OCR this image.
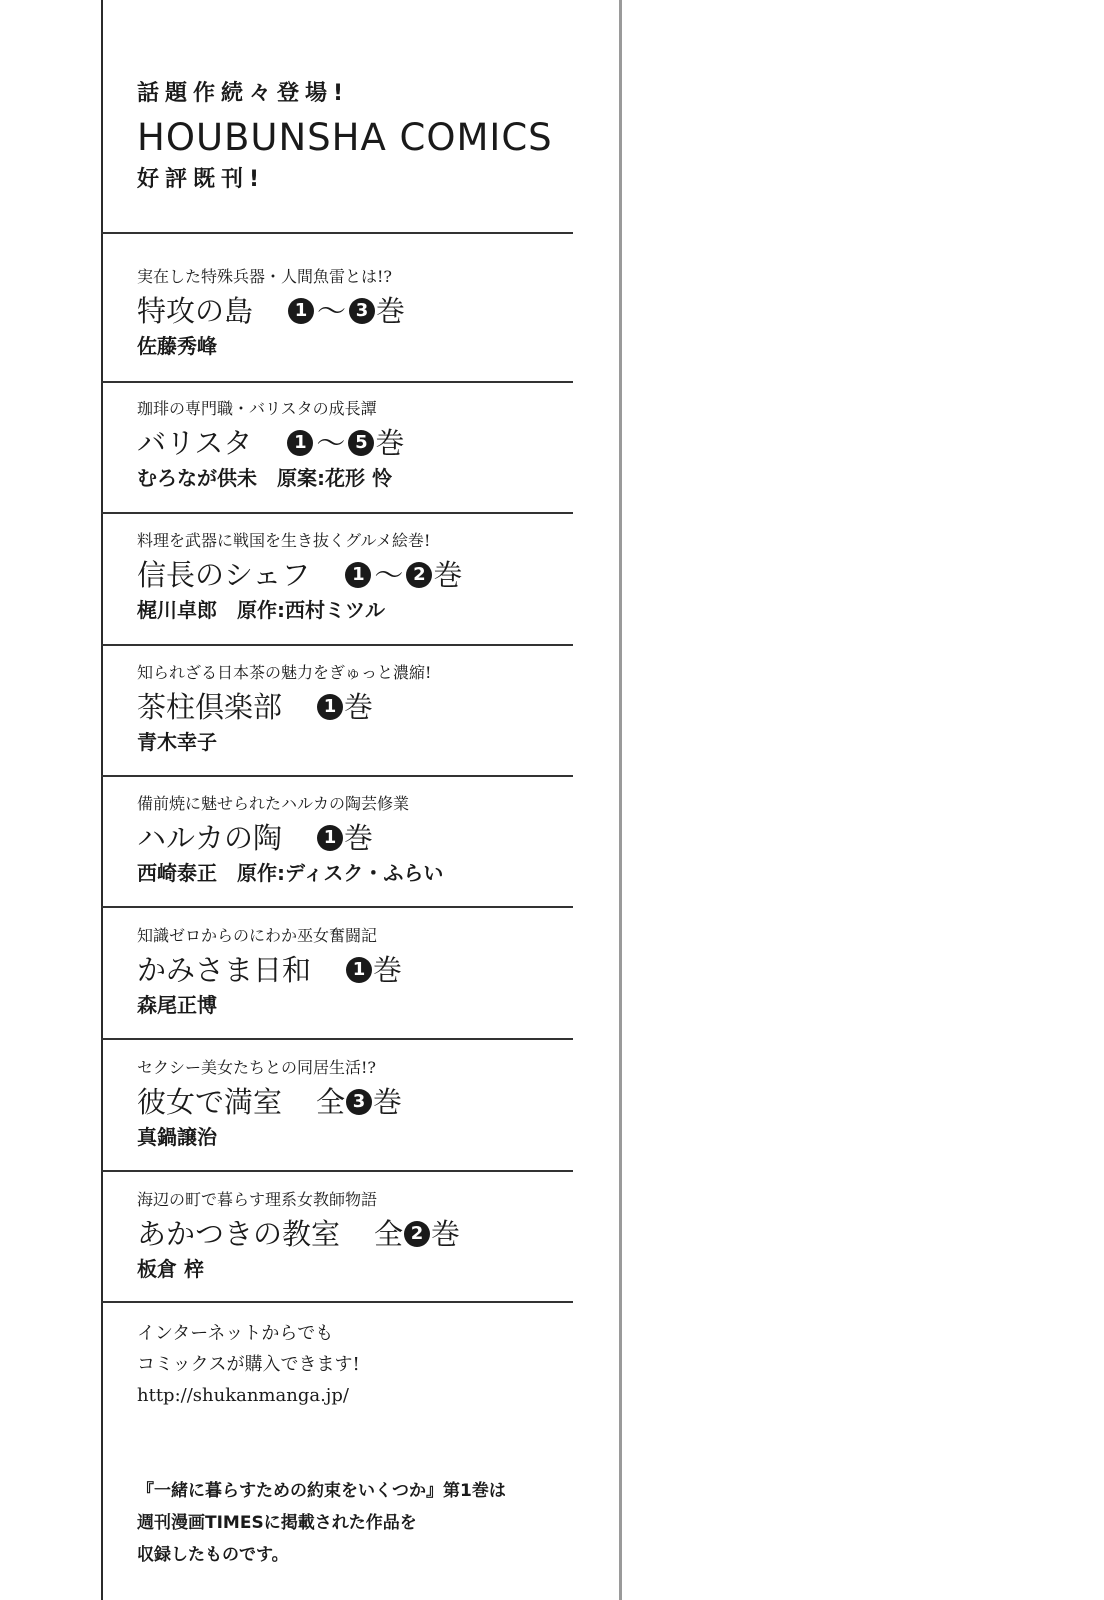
話題作続々登場!
HOUBUNSHA COMICS
好評既刊!
実在した特殊兵器・人間魚雷とは!?
特攻の島	1 〜 3 巻
佐藤秀峰
珈琲の専門職・バリスタの成長譚
バリスタ	1 〜 5 巻
むろなが供未　原案:花形 怜
料理を武器に戦国を生き抜くグルメ絵巻!
信長のシェフ	1 〜 2 巻
梶川卓郎　原作:西村ミツル
知られざる日本茶の魅力をぎゅっと濃縮!
茶柱倶楽部	1 巻
青木幸子
備前焼に魅せられたハルカの陶芸修業
ハルカの陶	1 巻
西崎泰正　原作:ディスク・ふらい
知識ゼロからのにわか巫女奮闘記
かみさま日和	1 巻
森尾正博
セクシー美女たちとの同居生活!?
彼女で満室 全 3 巻
真鍋譲治
海辺の町で暮らす理系女教師物語
あかつきの教室 全 2 巻
板倉 梓
インターネットからでも
コミックスが購入できます!
http://shukanmanga.jp/
『一緒に暮らすための約束をいくつか』第1巻は
週刊漫画TIMESに掲載された作品を
収録したものです。
